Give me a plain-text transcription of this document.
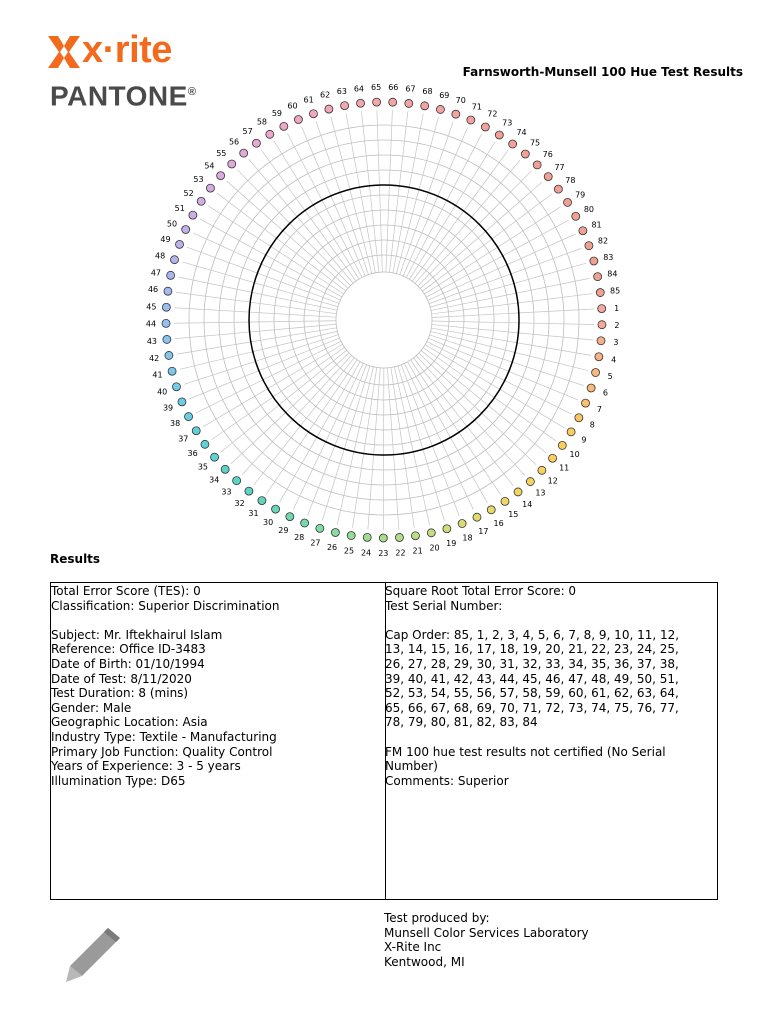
x·rite
PANTONE®
Farnsworth-Munsell 100 Hue Test Results
1
2
3
4
5
6
7
8
9
10
11
12
13
14
15
16
17
18
19
20
21
22
23
24
25
26
27
28
29
30
31
32
33
34
35
36
37
38
39
40
41
42
43
44
45
46
47
48
49
50
51
52
53
54
55
56
57
58
59
60
61
62 63 64 65 66 67 68 69
70
71
72
73
74
75
76
77
78
79
80
81
82
83
84
85
Results
Total Error Score (TES): 0
Classification: Superior Discrimination
Subject: Mr. Iftekhairul Islam
Reference: Office ID-3483
Date of Birth: 01/10/1994
Date of Test: 8/11/2020
Test Duration: 8 (mins)
Gender: Male
Geographic Location: Asia
Industry Type: Textile - Manufacturing
Primary Job Function: Quality Control
Years of Experience: 3 - 5 years
Illumination Type: D65
Square Root Total Error Score: 0
Test Serial Number:
Cap Order: 85, 1, 2, 3, 4, 5, 6, 7, 8, 9, 10, 11, 12,
13, 14, 15, 16, 17, 18, 19, 20, 21, 22, 23, 24, 25,
26, 27, 28, 29, 30, 31, 32, 33, 34, 35, 36, 37, 38,
39, 40, 41, 42, 43, 44, 45, 46, 47, 48, 49, 50, 51,
52, 53, 54, 55, 56, 57, 58, 59, 60, 61, 62, 63, 64,
65, 66, 67, 68, 69, 70, 71, 72, 73, 74, 75, 76, 77,
78, 79, 80, 81, 82, 83, 84
FM 100 hue test results not certified (No Serial Number)
Comments: Superior
Test produced by:
Munsell Color Services Laboratory
X-Rite Inc
Kentwood, MI
